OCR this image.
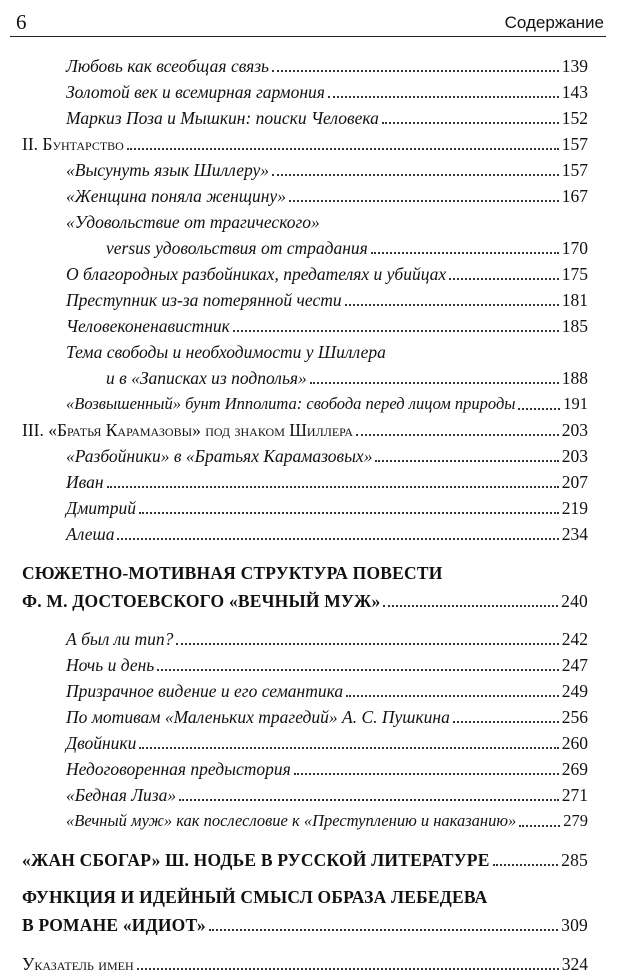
6	Содержание
Любовь как всеобщая связь	139
Золотой век и всемирная гармония	143
Маркиз Поза и Мышкин: поиски Человека	152
II. Бунтарство	157
«Высунуть язык Шиллеру»	157
«Женщина поняла женщину»	167
«Удовольствие от трагического»
versus удовольствия от страдания	170
О благородных разбойниках, предателях и убийцах	175
Преступник из-за потерянной чести	181
Человеконенавистник	185
Тема свободы и необходимости у Шиллера
и в «Записках из подполья»	188
«Возвышенный» бунт Ипполита: свобода перед лицом природы	191
III. «Братья Карамазовы» под знаком Шиллера	203
«Разбойники» в «Братьях Карамазовых»	203
Иван	207
Дмитрий	219
Алеша	234
СЮЖЕТНО-МОТИВНАЯ СТРУКТУРА ПОВЕСТИ
Ф. М. ДОСТОЕВСКОГО «ВЕЧНЫЙ МУЖ»	240
А был ли тип?	242
Ночь и день	247
Призрачное видение и его семантика	249
По мотивам «Маленьких трагедий» А. С. Пушкина	256
Двойники	260
Недоговоренная предыстория	269
«Бедная Лиза»	271
«Вечный муж» как послесловие к «Преступлению и наказанию»	279
«ЖАН СБОГАР» Ш. НОДЬЕ В РУССКОЙ ЛИТЕРАТУРЕ	285
ФУНКЦИЯ И ИДЕЙНЫЙ СМЫСЛ ОБРАЗА ЛЕБЕДЕВА
В РОМАНЕ «ИДИОТ»	309
Указатель имен	324
